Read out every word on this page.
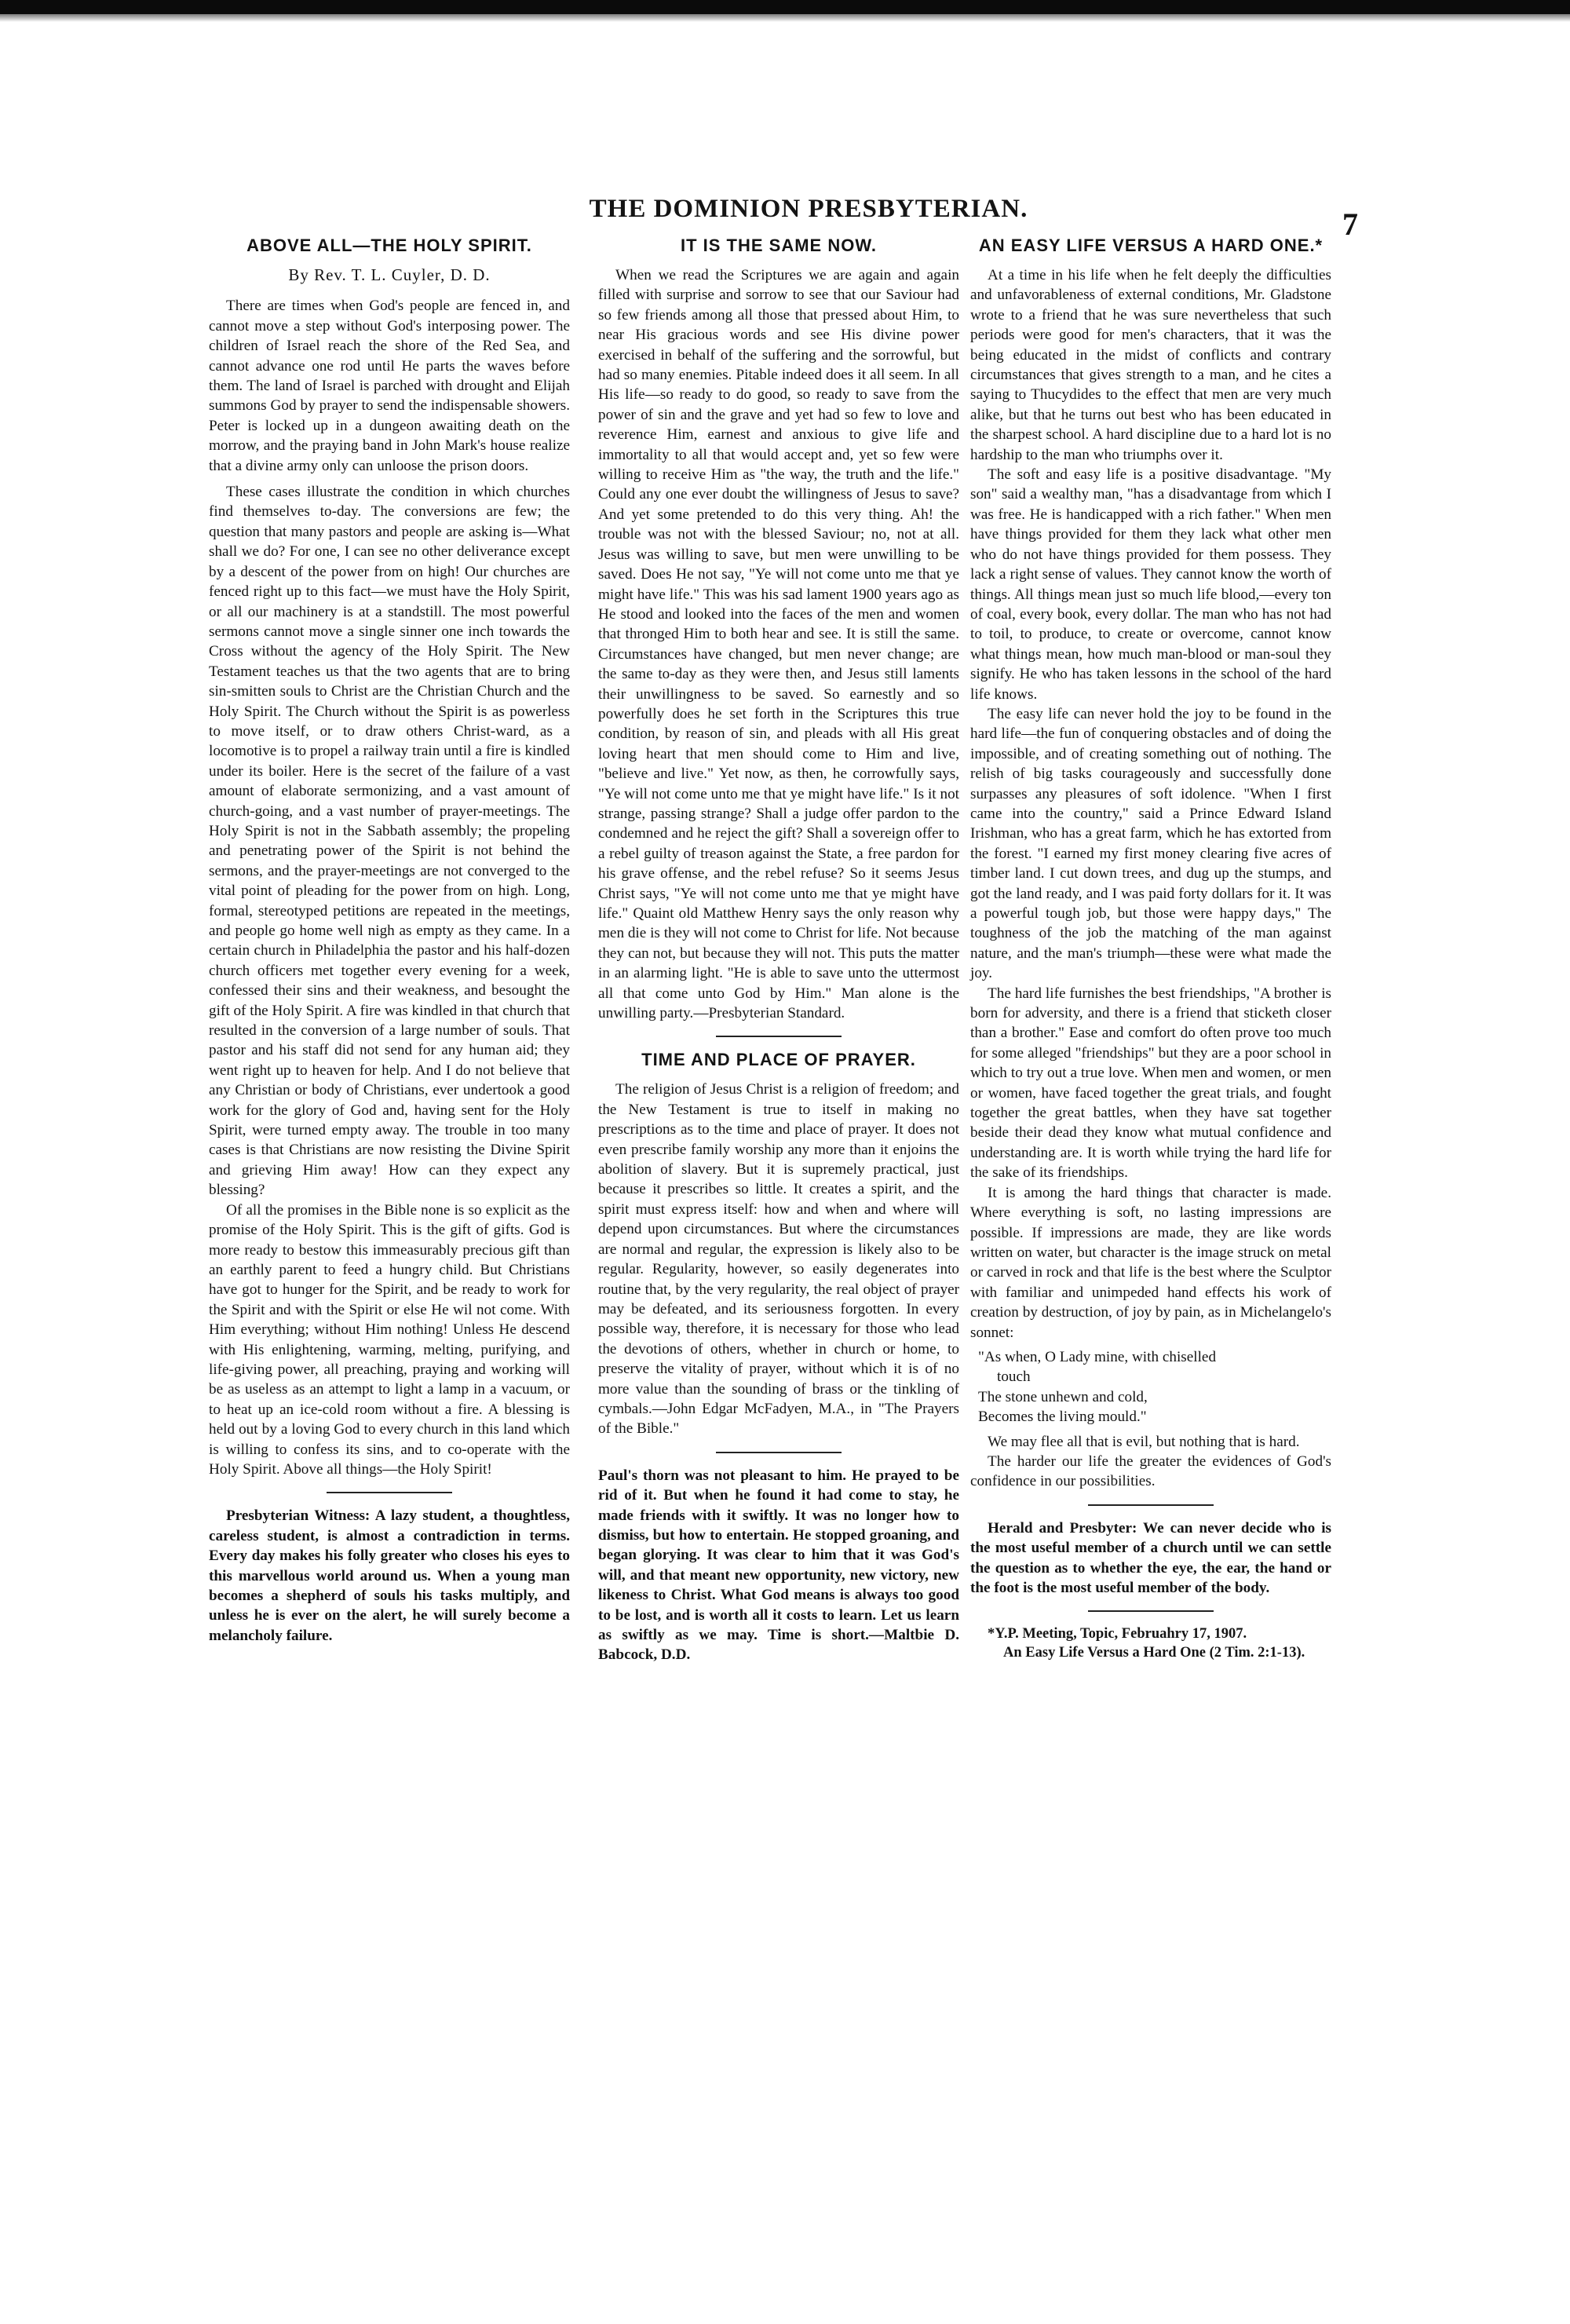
THE DOMINION PRESBYTERIAN.	7
ABOVE ALL—THE HOLY SPIRIT.
By Rev. T. L. Cuyler, D. D.

There are times when God's people are fenced in, and cannot move a step without God's interposing power. The children of Israel reach the shore of the Red Sea, and cannot advance one rod until He parts the waves before them. The land of Israel is parched with drought and Elijah summons God by prayer to send the indispensable showers. Peter is locked up in a dungeon awaiting death on the morrow, and the praying band in John Mark's house realize that a divine army only can unloose the prison doors.

These cases illustrate the condition in which churches find themselves to-day. The conversions are few; the question that many pastors and people are asking is—What shall we do? For one, I can see no other deliverance except by a descent of the power from on high! Our churches are fenced right up to this fact—we must have the Holy Spirit, or all our machinery is at a standstill. The most powerful sermons cannot move a single sinner one inch towards the Cross without the agency of the Holy Spirit. The New Testament teaches us that the two agents that are to bring sin-smitten souls to Christ are the Christian Church and the Holy Spirit. The Church without the Spirit is as powerless to move itself, or to draw others Christ-ward, as a locomotive is to propel a railway train until a fire is kindled under its boiler. Here is the secret of the failure of a vast amount of elaborate sermonizing, and a vast amount of church-going, and a vast number of prayer-meetings. The Holy Spirit is not in the Sabbath assembly; the propeling and penetrating power of the Spirit is not behind the sermons, and the prayer-meetings are not converged to the vital point of pleading for the power from on high. Long, formal, stereotyped petitions are repeated in the meetings, and people go home well nigh as empty as they came. In a certain church in Philadelphia the pastor and his half-dozen church officers met together every evening for a week, confessed their sins and their weakness, and besought the gift of the Holy Spirit. A fire was kindled in that church that resulted in the conversion of a large number of souls. That pastor and his staff did not send for any human aid; they went right up to heaven for help. And I do not believe that any Christian or body of Christians, ever undertook a good work for the glory of God and, having sent for the Holy Spirit, were turned empty away. The trouble in too many cases is that Christians are now resisting the Divine Spirit and grieving Him away! How can they expect any blessing?

Of all the promises in the Bible none is so explicit as the promise of the Holy Spirit. This is the gift of gifts. God is more ready to bestow this immeasurably precious gift than an earthly parent to feed a hungry child. But Christians have got to hunger for the Spirit, and be ready to work for the Spirit and with the Spirit or else He wil not come. With Him everything; without Him nothing! Unless He descend with His enlightening, warming, melting, purifying, and life-giving power, all preaching, praying and working will be as useless as an attempt to light a lamp in a vacuum, or to heat up an ice-cold room without a fire. A blessing is held out by a loving God to every church in this land which is willing to confess its sins, and to co-operate with the Holy Spirit. Above all things—the Holy Spirit!

Presbyterian Witness: A lazy student, a thoughtless, careless student, is almost a contradiction in terms. Every day makes his folly greater who closes his eyes to this marvellous world around us. When a young man becomes a shepherd of souls his tasks multiply, and unless he is ever on the alert, he will surely become a melancholy failure.

IT IS THE SAME NOW.

When we read the Scriptures we are again and again filled with surprise and sorrow to see that our Saviour had so few friends among all those that pressed about Him, to near His gracious words and see His divine power exercised in behalf of the suffering and the sorrowful, but had so many enemies. Pitable indeed does it all seem. In all His life—so ready to do good, so ready to save from the power of sin and the grave and yet had so few to love and reverence Him, earnest and anxious to give life and immortality to all that would accept and, yet so few were willing to receive Him as "the way, the truth and the life." Could any one ever doubt the willingness of Jesus to save? And yet some pretended to do this very thing. Ah! the trouble was not with the blessed Saviour; no, not at all. Jesus was willing to save, but men were unwilling to be saved. Does He not say, "Ye will not come unto me that ye might have life." This was his sad lament 1900 years ago as He stood and looked into the faces of the men and women that thronged Him to both hear and see. It is still the same. Circumstances have changed, but men never change; are the same to-day as they were then, and Jesus still laments their unwillingness to be saved. So earnestly and so powerfully does he set forth in the Scriptures this true condition, by reason of sin, and pleads with all His great loving heart that men should come to Him and live, "believe and live." Yet now, as then, he corrowfully says, "Ye will not come unto me that ye might have life." Is it not strange, passing strange? Shall a judge offer pardon to the condemned and he reject the gift? Shall a sovereign offer to a rebel guilty of treason against the State, a free pardon for his grave offense, and the rebel refuse? So it seems Jesus Christ says, "Ye will not come unto me that ye might have life." Quaint old Matthew Henry says the only reason why men die is they will not come to Christ for life. Not because they can not, but because they will not. This puts the matter in an alarming light. "He is able to save unto the uttermost all that come unto God by Him." Man alone is the unwilling party.—Presbyterian Standard.

TIME AND PLACE OF PRAYER.

The religion of Jesus Christ is a religion of freedom; and the New Testament is true to itself in making no prescriptions as to the time and place of prayer. It does not even prescribe family worship any more than it enjoins the abolition of slavery. But it is supremely practical, just because it prescribes so little. It creates a spirit, and the spirit must express itself: how and when and where will depend upon circumstances. But where the circumstances are normal and regular, the expression is likely also to be regular. Regularity, however, so easily degenerates into routine that, by the very regularity, the real object of prayer may be defeated, and its seriousness forgotten. In every possible way, therefore, it is necessary for those who lead the devotions of others, whether in church or home, to preserve the vitality of prayer, without which it is of no more value than the sounding of brass or the tinkling of cymbals.—John Edgar McFadyen, M.A., in "The Prayers of the Bible."

Paul's thorn was not pleasant to him. He prayed to be rid of it. But when he found it had come to stay, he made friends with it swiftly. It was no longer how to dismiss, but how to entertain. He stopped groaning, and began glorying. It was clear to him that it was God's will, and that meant new opportunity, new victory, new likeness to Christ. What God means is always too good to be lost, and is worth all it costs to learn. Let us learn as swiftly as we may. Time is short.—Maltbie D. Babcock, D.D.

AN EASY LIFE VERSUS A HARD ONE.*

At a time in his life when he felt deeply the difficulties and unfavorableness of external conditions, Mr. Gladstone wrote to a friend that he was sure nevertheless that such periods were good for men's characters, that it was the being educated in the midst of conflicts and contrary circumstances that gives strength to a man, and he cites a saying to Thucydides to the effect that men are very much alike, but that he turns out best who has been educated in the sharpest school. A hard discipline due to a hard lot is no hardship to the man who triumphs over it.

The soft and easy life is a positive disadvantage. "My son" said a wealthy man, "has a disadvantage from which I was free. He is handicapped with a rich father." When men have things provided for them they lack what other men who do not have things provided for them possess. They lack a right sense of values. They cannot know the worth of things. All things mean just so much life blood,—every ton of coal, every book, every dollar. The man who has not had to toil, to produce, to create or overcome, cannot know what things mean, how much man-blood or man-soul they signify. He who has taken lessons in the school of the hard life knows.

The easy life can never hold the joy to be found in the hard life—the fun of conquering obstacles and of doing the impossible, and of creating something out of nothing. The relish of big tasks courageously and successfully done surpasses any pleasures of soft idolence. "When I first came into the country," said a Prince Edward Island Irishman, who has a great farm, which he has extorted from the forest. "I earned my first money clearing five acres of timber land. I cut down trees, and dug up the stumps, and got the land ready, and I was paid forty dollars for it. It was a powerful tough job, but those were happy days," The toughness of the job the matching of the man against nature, and the man's triumph—these were what made the joy.

The hard life furnishes the best friendships, "A brother is born for adversity, and there is a friend that sticketh closer than a brother." Ease and comfort do often prove too much for some alleged "friendships" but they are a poor school in which to try out a true love. When men and women, or men or women, have faced together the great trials, and fought together the great battles, when they have sat together beside their dead they know what mutual confidence and understanding are. It is worth while trying the hard life for the sake of its friendships.

It is among the hard things that character is made. Where everything is soft, no lasting impressions are possible. If impressions are made, they are like words written on water, but character is the image struck on metal or carved in rock and that life is the best where the Sculptor with familiar and unimpeded hand effects his work of creation by destruction, of joy by pain, as in Michelangelo's sonnet:

"As when, O Lady mine, with chiselled
touch
The stone unhewn and cold,
Becomes the living mould."

We may flee all that is evil, but nothing that is hard.

The harder our life the greater the evidences of God's confidence in our possibilities.

Herald and Presbyter: We can never decide who is the most useful member of a church until we can settle the question as to whether the eye, the ear, the hand or the foot is the most useful member of the body.

*Y.P. Meeting, Topic, Februahry 17, 1907.
An Easy Life Versus a Hard One (2 Tim. 2:1-13).
